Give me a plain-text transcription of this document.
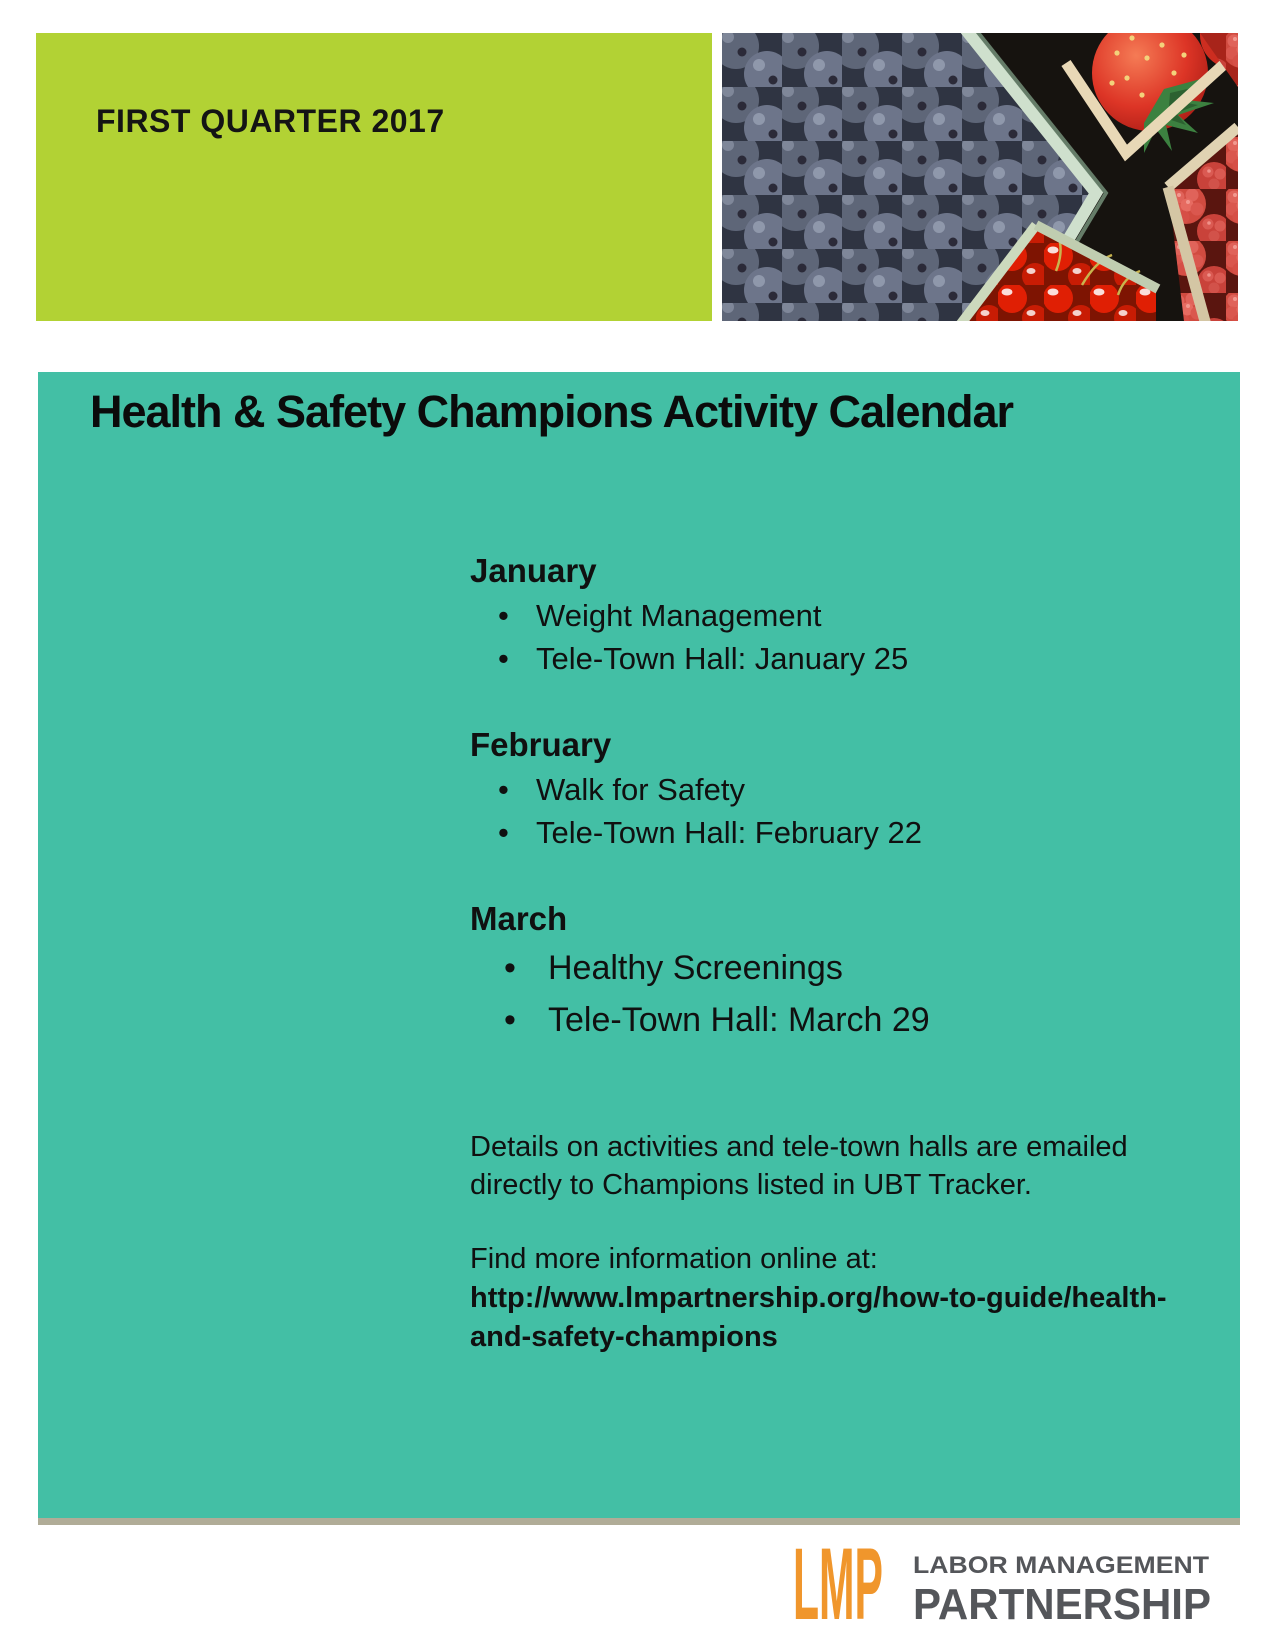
FIRST QUARTER 2017
Health & Safety Champions Activity Calendar
January
• Weight Management
• Tele-Town Hall: January 25
February
• Walk for Safety
• Tele-Town Hall: February 22
March
• Healthy Screenings
• Tele-Town Hall: March 29
Details on activities and tele-town halls are emailed
directly to Champions listed in UBT Tracker.
Find more information online at:
http://www.lmpartnership.org/how-to-guide/health-
and-safety-champions
LMP LABOR MANAGEMENT
PARTNERSHIP
